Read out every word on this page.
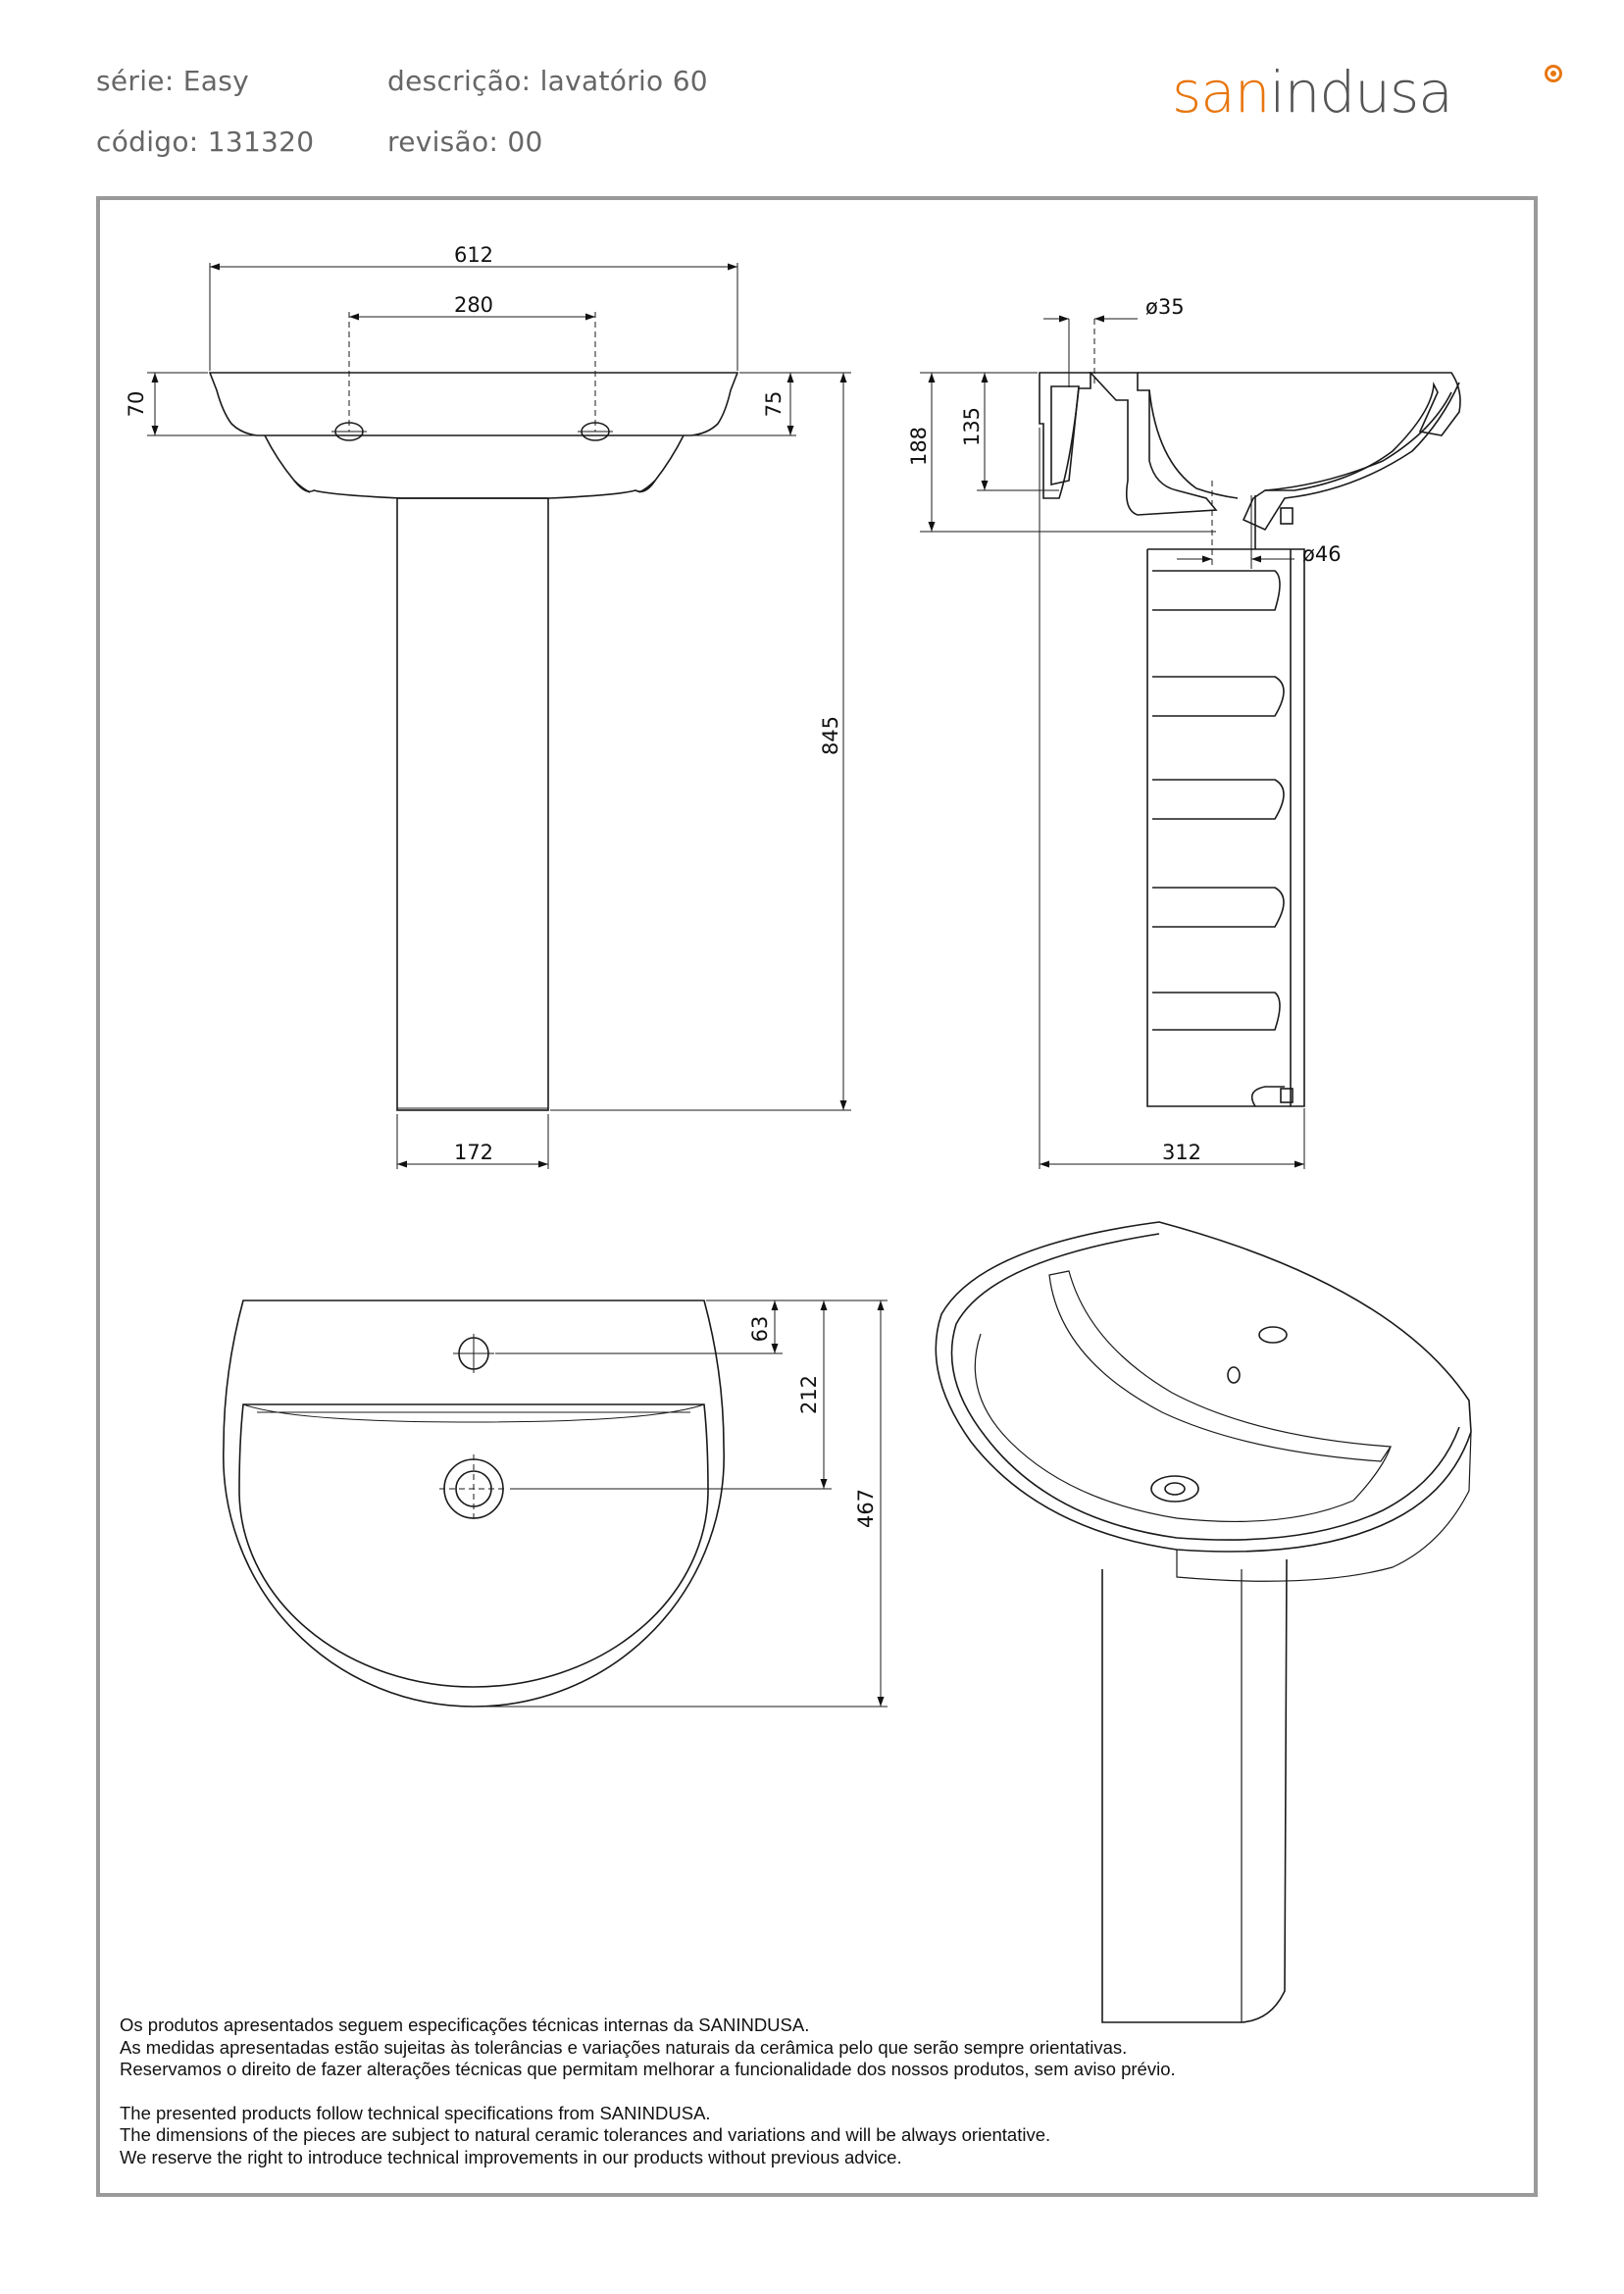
série: Easy	descrição: lavatório 60
código: 131320	revisão: 00
sanindusa
612
280
70	75
845
172
ø35
ø46
188 135
312
63
212
467

Os produtos apresentados seguem especificações técnicas internas da SANINDUSA.

As medidas apresentadas estão sujeitas às tolerâncias e variações naturais da cerâmica pelo que serão sempre orientativas.

Reservamos o direito de fazer alterações técnicas que permitam melhorar a funcionalidade dos nossos produtos, sem aviso prévio.

The presented products follow technical specifications from SANINDUSA.

The dimensions of the pieces are subject to natural ceramic tolerances and variations and will be always orientative.

We reserve the right to introduce technical improvements in our products without previous advice.
